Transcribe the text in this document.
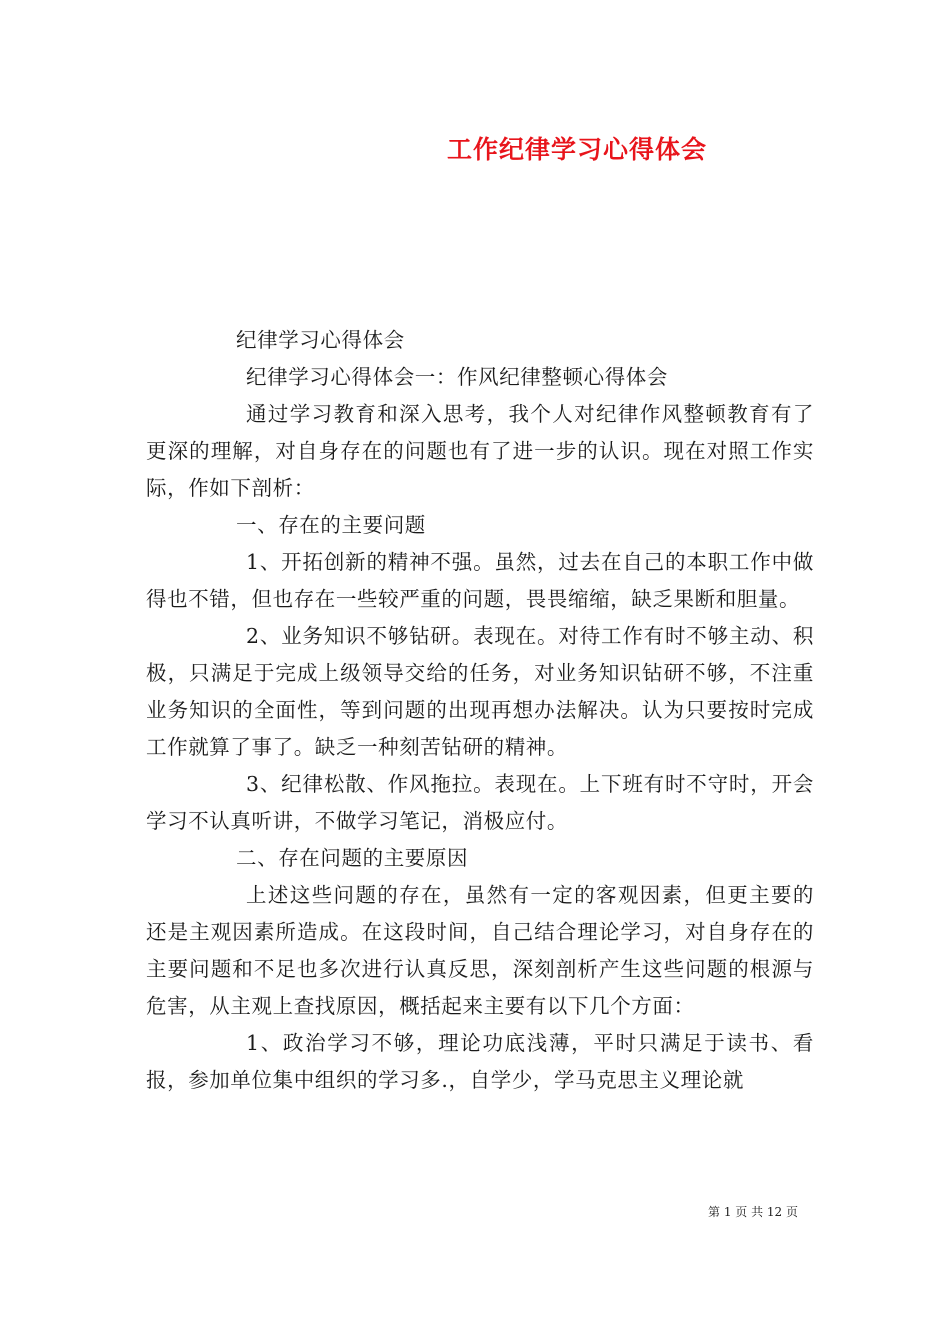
工作纪律学习心得体会

纪律学习心得体会

纪律学习心得体会一：作风纪律整顿心得体会

通过学习教育和深入思考，我个人对纪律作风整顿教育有了更深的理解，对自身存在的问题也有了进一步的认识。现在对照工作实际，作如下剖析：

一、存在的主要问题

1、开拓创新的精神不强。虽然，过去在自己的本职工作中做得也不错，但也存在一些较严重的问题，畏畏缩缩，缺乏果断和胆量。

2、业务知识不够钻研。表现在。对待工作有时不够主动、积极，只满足于完成上级领导交给的任务，对业务知识钻研不够，不注重业务知识的全面性，等到问题的出现再想办法解决。认为只要按时完成工作就算了事了。缺乏一种刻苦钻研的精神。

3、纪律松散、作风拖拉。表现在。上下班有时不守时，开会学习不认真听讲，不做学习笔记，消极应付。

二、存在问题的主要原因

上述这些问题的存在，虽然有一定的客观因素，但更主要的还是主观因素所造成。在这段时间，自己结合理论学习，对自身存在的主要问题和不足也多次进行认真反思，深刻剖析产生这些问题的根源与危害，从主观上查找原因，概括起来主要有以下几个方面：

1、政治学习不够，理论功底浅薄，平时只满足于读书、看报，参加单位集中组织的学习多.，自学少，学马克思主义理论就

第 1 页 共 12 页
